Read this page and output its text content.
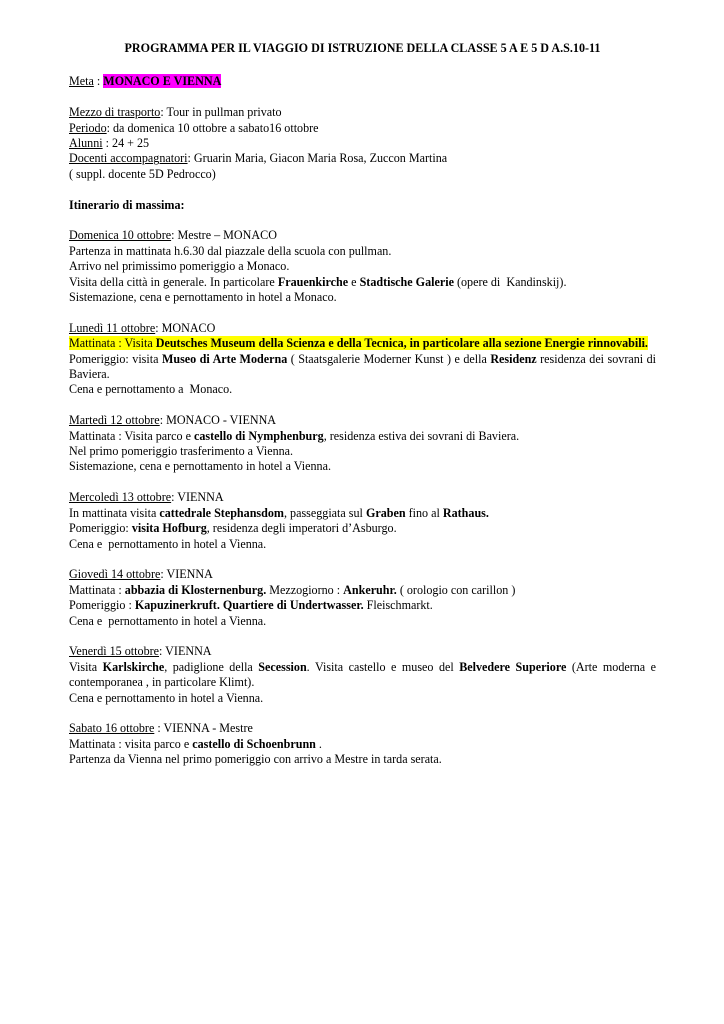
PROGRAMMA PER IL VIAGGIO DI ISTRUZIONE DELLA CLASSE 5 A E 5 D A.S.10-11
Meta : MONACO E VIENNA
Mezzo di trasporto: Tour in pullman privato
Periodo: da domenica 10 ottobre a sabato16 ottobre
Alunni : 24 + 25
Docenti accompagnatori: Gruarin Maria, Giacon Maria Rosa, Zuccon Martina
( suppl. docente 5D Pedrocco)
Itinerario di massima:
Domenica 10 ottobre: Mestre – MONACO
Partenza in mattinata h.6.30 dal piazzale della scuola con pullman.
Arrivo nel primissimo pomeriggio a Monaco.
Visita della città in generale. In particolare Frauenkirche e Stadtische Galerie (opere di  Kandinskij).
Sistemazione, cena e pernottamento in hotel a Monaco.
Lunedì 11 ottobre: MONACO
Mattinata : Visita Deutsches Museum della Scienza e della Tecnica, in particolare alla sezione Energie rinnovabili.
Pomeriggio: visita Museo di Arte Moderna ( Staatsgalerie Moderner Kunst ) e della Residenz residenza dei sovrani di Baviera.
Cena e pernottamento a  Monaco.
Martedì 12 ottobre: MONACO - VIENNA
Mattinata : Visita parco e castello di Nymphenburg, residenza estiva dei sovrani di Baviera.
Nel primo pomeriggio trasferimento a Vienna.
Sistemazione, cena e pernottamento in hotel a Vienna.
Mercoledì 13 ottobre: VIENNA
In mattinata visita cattedrale Stephansdom, passeggiata sul Graben fino al Rathaus.
Pomeriggio: visita Hofburg, residenza degli imperatori d’Asburgo.
Cena e  pernottamento in hotel a Vienna.
Giovedì 14 ottobre: VIENNA
Mattinata : abbazia di Klosternenburg. Mezzogiorno : Ankeruhr. ( orologio con carillon )
Pomeriggio : Kapuzinerkruft. Quartiere di Undertwasser. Fleischmarkt.
Cena e  pernottamento in hotel a Vienna.
Venerdì 15 ottobre: VIENNA
Visita Karlskirche, padiglione della Secession. Visita castello e museo del Belvedere Superiore (Arte moderna e contemporanea , in particolare Klimt).
Cena e pernottamento in hotel a Vienna.
Sabato 16 ottobre : VIENNA - Mestre
Mattinata : visita parco e castello di Schoenbrunn .
Partenza da Vienna nel primo pomeriggio con arrivo a Mestre in tarda serata.
